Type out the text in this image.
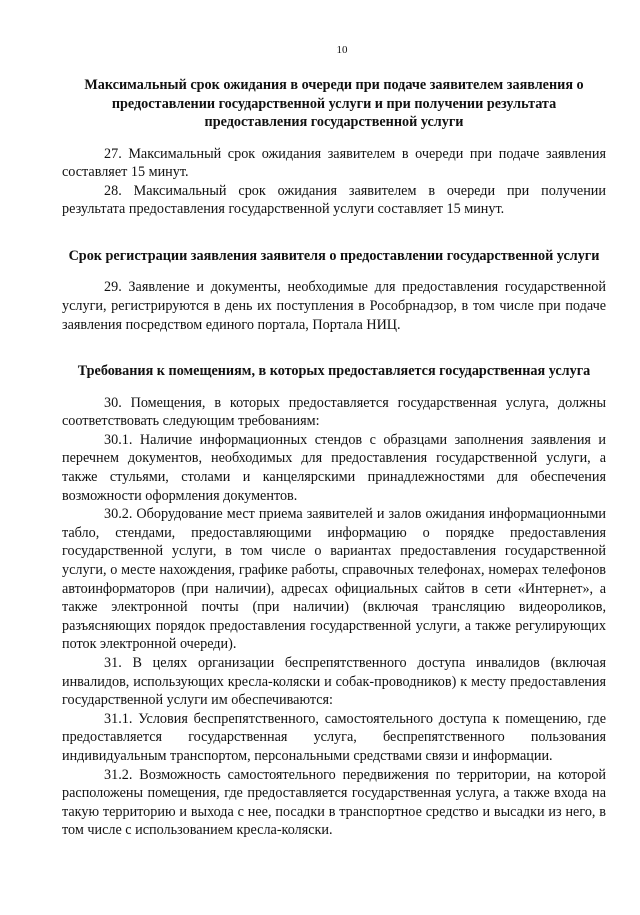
10
Максимальный срок ожидания в очереди при подаче заявителем заявления о предоставлении государственной услуги и при получении результата предоставления государственной услуги

27. Максимальный срок ожидания заявителем в очереди при подаче заявления составляет 15 минут.

28. Максимальный срок ожидания заявителем в очереди при получении результата предоставления государственной услуги составляет 15 минут.

Срок регистрации заявления заявителя о предоставлении государственной услуги

29. Заявление и документы, необходимые для предоставления государственной услуги, регистрируются в день их поступления в Рособрнадзор, в том числе при подаче заявления посредством единого портала, Портала НИЦ.

Требования к помещениям, в которых предоставляется государственная услуга

30. Помещения, в которых предоставляется государственная услуга, должны соответствовать следующим требованиям:

30.1. Наличие информационных стендов с образцами заполнения заявления и перечнем документов, необходимых для предоставления государственной услуги, а также стульями, столами и канцелярскими принадлежностями для обеспечения возможности оформления документов.

30.2. Оборудование мест приема заявителей и залов ожидания информационными табло, стендами, предоставляющими информацию о порядке предоставления государственной услуги, в том числе о вариантах предоставления государственной услуги, о месте нахождения, графике работы, справочных телефонах, номерах телефонов автоинформаторов (при наличии), адресах официальных сайтов в сети «Интернет», а также электронной почты (при наличии) (включая трансляцию видеороликов, разъясняющих порядок предоставления государственной услуги, а также регулирующих поток электронной очереди).

31. В целях организации беспрепятственного доступа инвалидов (включая инвалидов, использующих кресла-коляски и собак-проводников) к месту предоставления государственной услуги им обеспечиваются:

31.1. Условия беспрепятственного, самостоятельного доступа к помещению, где предоставляется государственная услуга, беспрепятственного пользования индивидуальным транспортом, персональными средствами связи и информации.

31.2. Возможность самостоятельного передвижения по территории, на которой расположены помещения, где предоставляется государственная услуга, а также входа на такую территорию и выхода с нее, посадки в транспортное средство и высадки из него, в том числе с использованием кресла-коляски.
